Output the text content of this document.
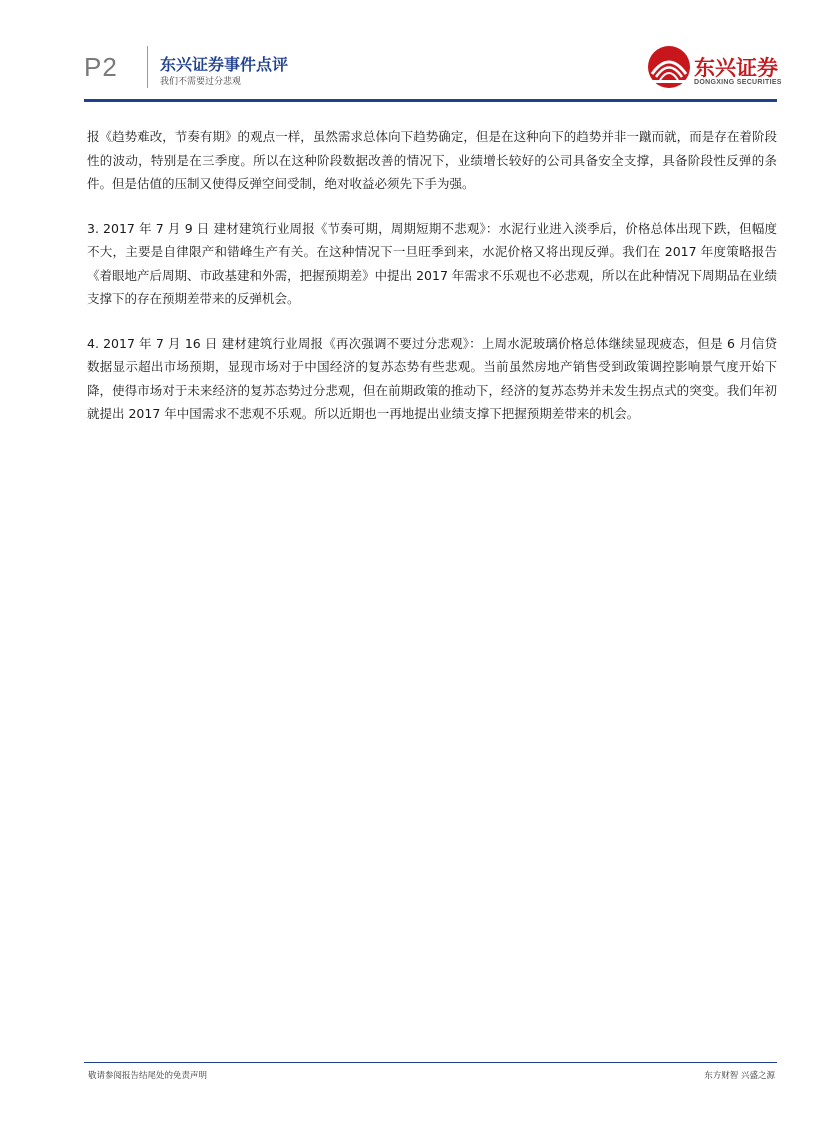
P2	东兴证券事件点评
我们不需要过分悲观
东兴证券
DONGXING SECURITIES

报《趋势难改，节奏有期》的观点一样，虽然需求总体向下趋势确定，但是在这种向下的趋势并非一蹴而就，而是存在着阶段性的波动，特别是在三季度。所以在这种阶段数据改善的情况下，业绩增长较好的公司具备安全支撑，具备阶段性反弹的条件。但是估值的压制又使得反弹空间受制，绝对收益必须先下手为强。

3. 2017 年 7 月 9 日 建材建筑行业周报《节奏可期，周期短期不悲观》：水泥行业进入淡季后，价格总体出现下跌，但幅度不大，主要是自律限产和错峰生产有关。在这种情况下一旦旺季到来，水泥价格又将出现反弹。我们在 2017 年度策略报告《着眼地产后周期、市政基建和外需，把握预期差》中提出 2017 年需求不乐观也不必悲观，所以在此种情况下周期品在业绩支撑下的存在预期差带来的反弹机会。

4. 2017 年 7 月 16 日 建材建筑行业周报《再次强调不要过分悲观》：上周水泥玻璃价格总体继续显现疲态，但是 6 月信贷数据显示超出市场预期，显现市场对于中国经济的复苏态势有些悲观。当前虽然房地产销售受到政策调控影响景气度开始下降，使得市场对于未来经济的复苏态势过分悲观，但在前期政策的推动下，经济的复苏态势并未发生拐点式的突变。我们年初就提出 2017 年中国需求不悲观不乐观。所以近期也一再地提出业绩支撑下把握预期差带来的机会。

敬请参阅报告结尾处的免责声明	东方财智 兴盛之源
